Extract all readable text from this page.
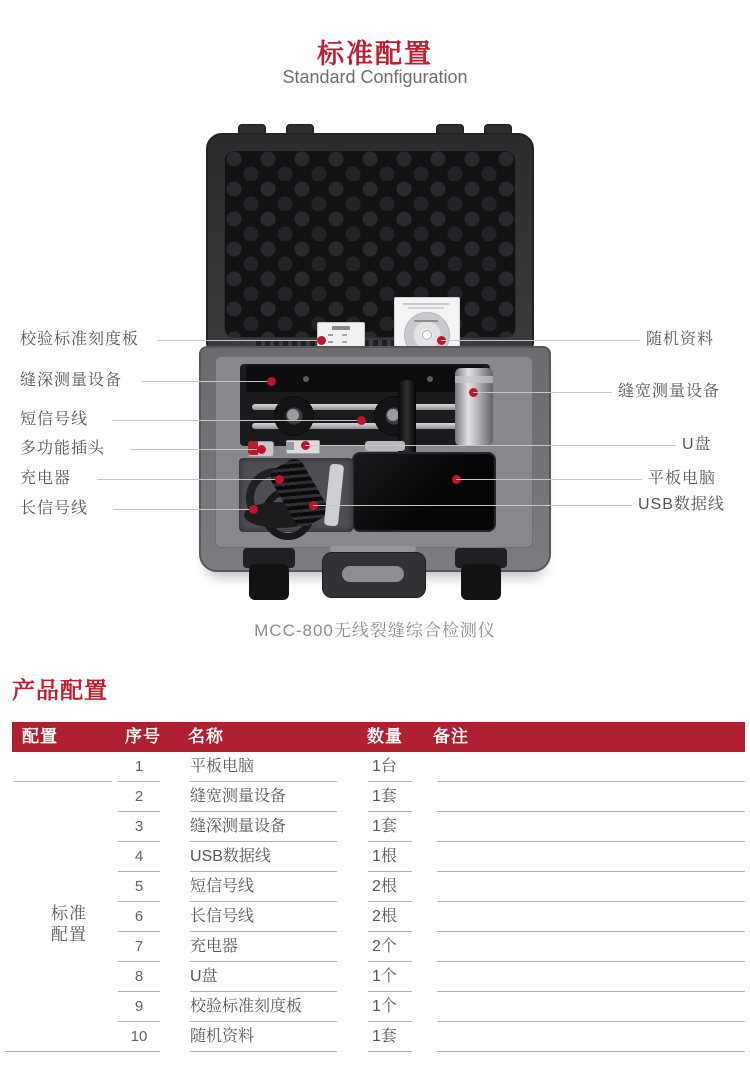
标准配置
Standard Configuration
校验标准刻度板
缝深测量设备
短信号线
多功能插头
充电器
长信号线
随机资料
缝宽测量设备
U盘
平板电脑
USB数据线
MCC-800无线裂缝综合检测仪
产品配置
配置	序号 名称	数量 备注
1	平板电脑	1台
2	缝宽测量设备	1套
3	缝深测量设备	1套
4	USB数据线	1根
5	短信号线	2根
6	长信号线	2根
7	充电器	2个
8	U盘	1个
9	校验标准刻度板	1个
10	随机资料	1套
标准
配置
